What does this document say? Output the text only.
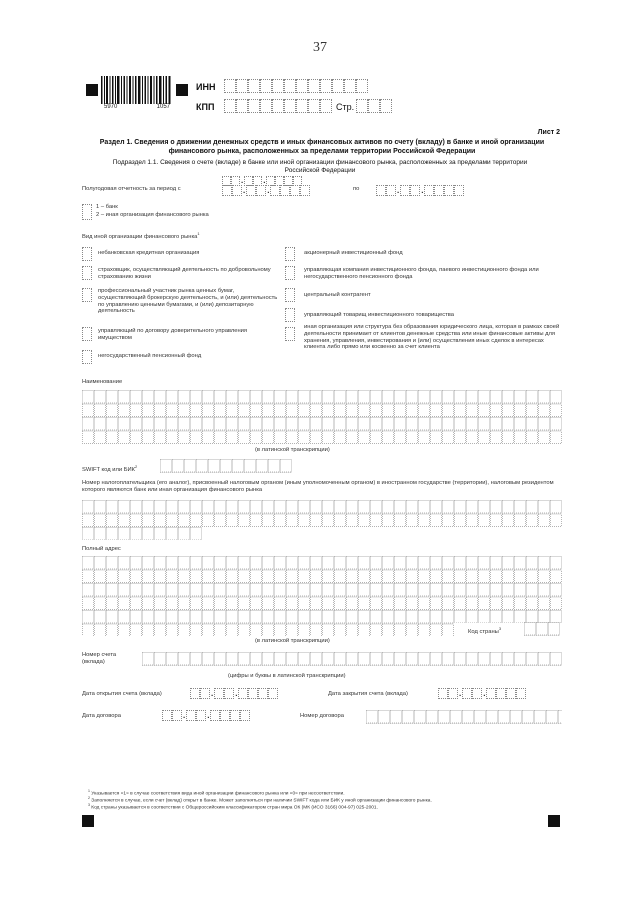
37
5970	1057
ИНН
КПП	Стр.
Лист 2
Раздел 1. Сведения о движении денежных средств и иных финансовых активов по счету (вкладу) в банке и иной организации финансового рынка, расположенных за пределами территории Российской Федерации
Подраздел 1.1. Сведения о счете (вкладе) в банке или иной организации финансового рынка, расположенных за пределами территории Российской Федерации
.	.
Полугодовая отчетность за период с	.	.	по	.	.
1 – банк
2 – иная организация финансового рынка
Вид иной организации финансового рынка$^1$
небанковская кредитная организация
страховщик, осуществляющий деятельность по добровольному страхованию жизни
профессиональный участник рынка ценных бумаг, осуществляющий брокерскую деятельность, и (или) деятельность по управлению ценными бумагами, и (или) депозитарную деятельность
управляющий по договору доверительного управления имуществом
негосударственный пенсионный фонд
акционерный инвестиционный фонд
управляющая компания инвестиционного фонда, паевого инвестиционного фонда или негосударственного пенсионного фонда
центральный контрагент
управляющий товарищ инвестиционного товарищества
иная организация или структура без образования юридического лица, которая в рамках своей деятельности принимает от клиентов денежные средства или иные финансовые активы для хранения, управления, инвестирования и (или) осуществления иных сделок в интересах клиента либо прямо или косвенно за счет клиента
Наименование
(в латинской транскрипции)
SWIFT код или БИК$^2$
Номер налогоплательщика (его аналог), присвоенный налоговым органом (иным уполномоченным органом) в иностранном государстве (территории), налоговым резидентом которого являются банк или иная организация финансового рынка
Полный адрес
Код страны$^3$
(в латинской транскрипции)
Номер счета (вклада)
(цифры и буквы в латинской транскрипции)
Дата открытия счета (вклада)	.	.	Дата закрытия счета (вклада)	.	.
Дата договора	.	.	Номер договора
$^1$ Указывается «1» в случае соответствия вида иной организации финансового рынка или «0» при несоответствии.
$^2$ Заполняется в случае, если счет (вклад) открыт в банке. Может заполняться при наличии SWIFT кода или БИК у иной организации финансового рынка.
$^3$ Код страны указывается в соответствии с Общероссийским классификатором стран мира ОК (МК (ИСО 3166) 004-97) 025-2001.
